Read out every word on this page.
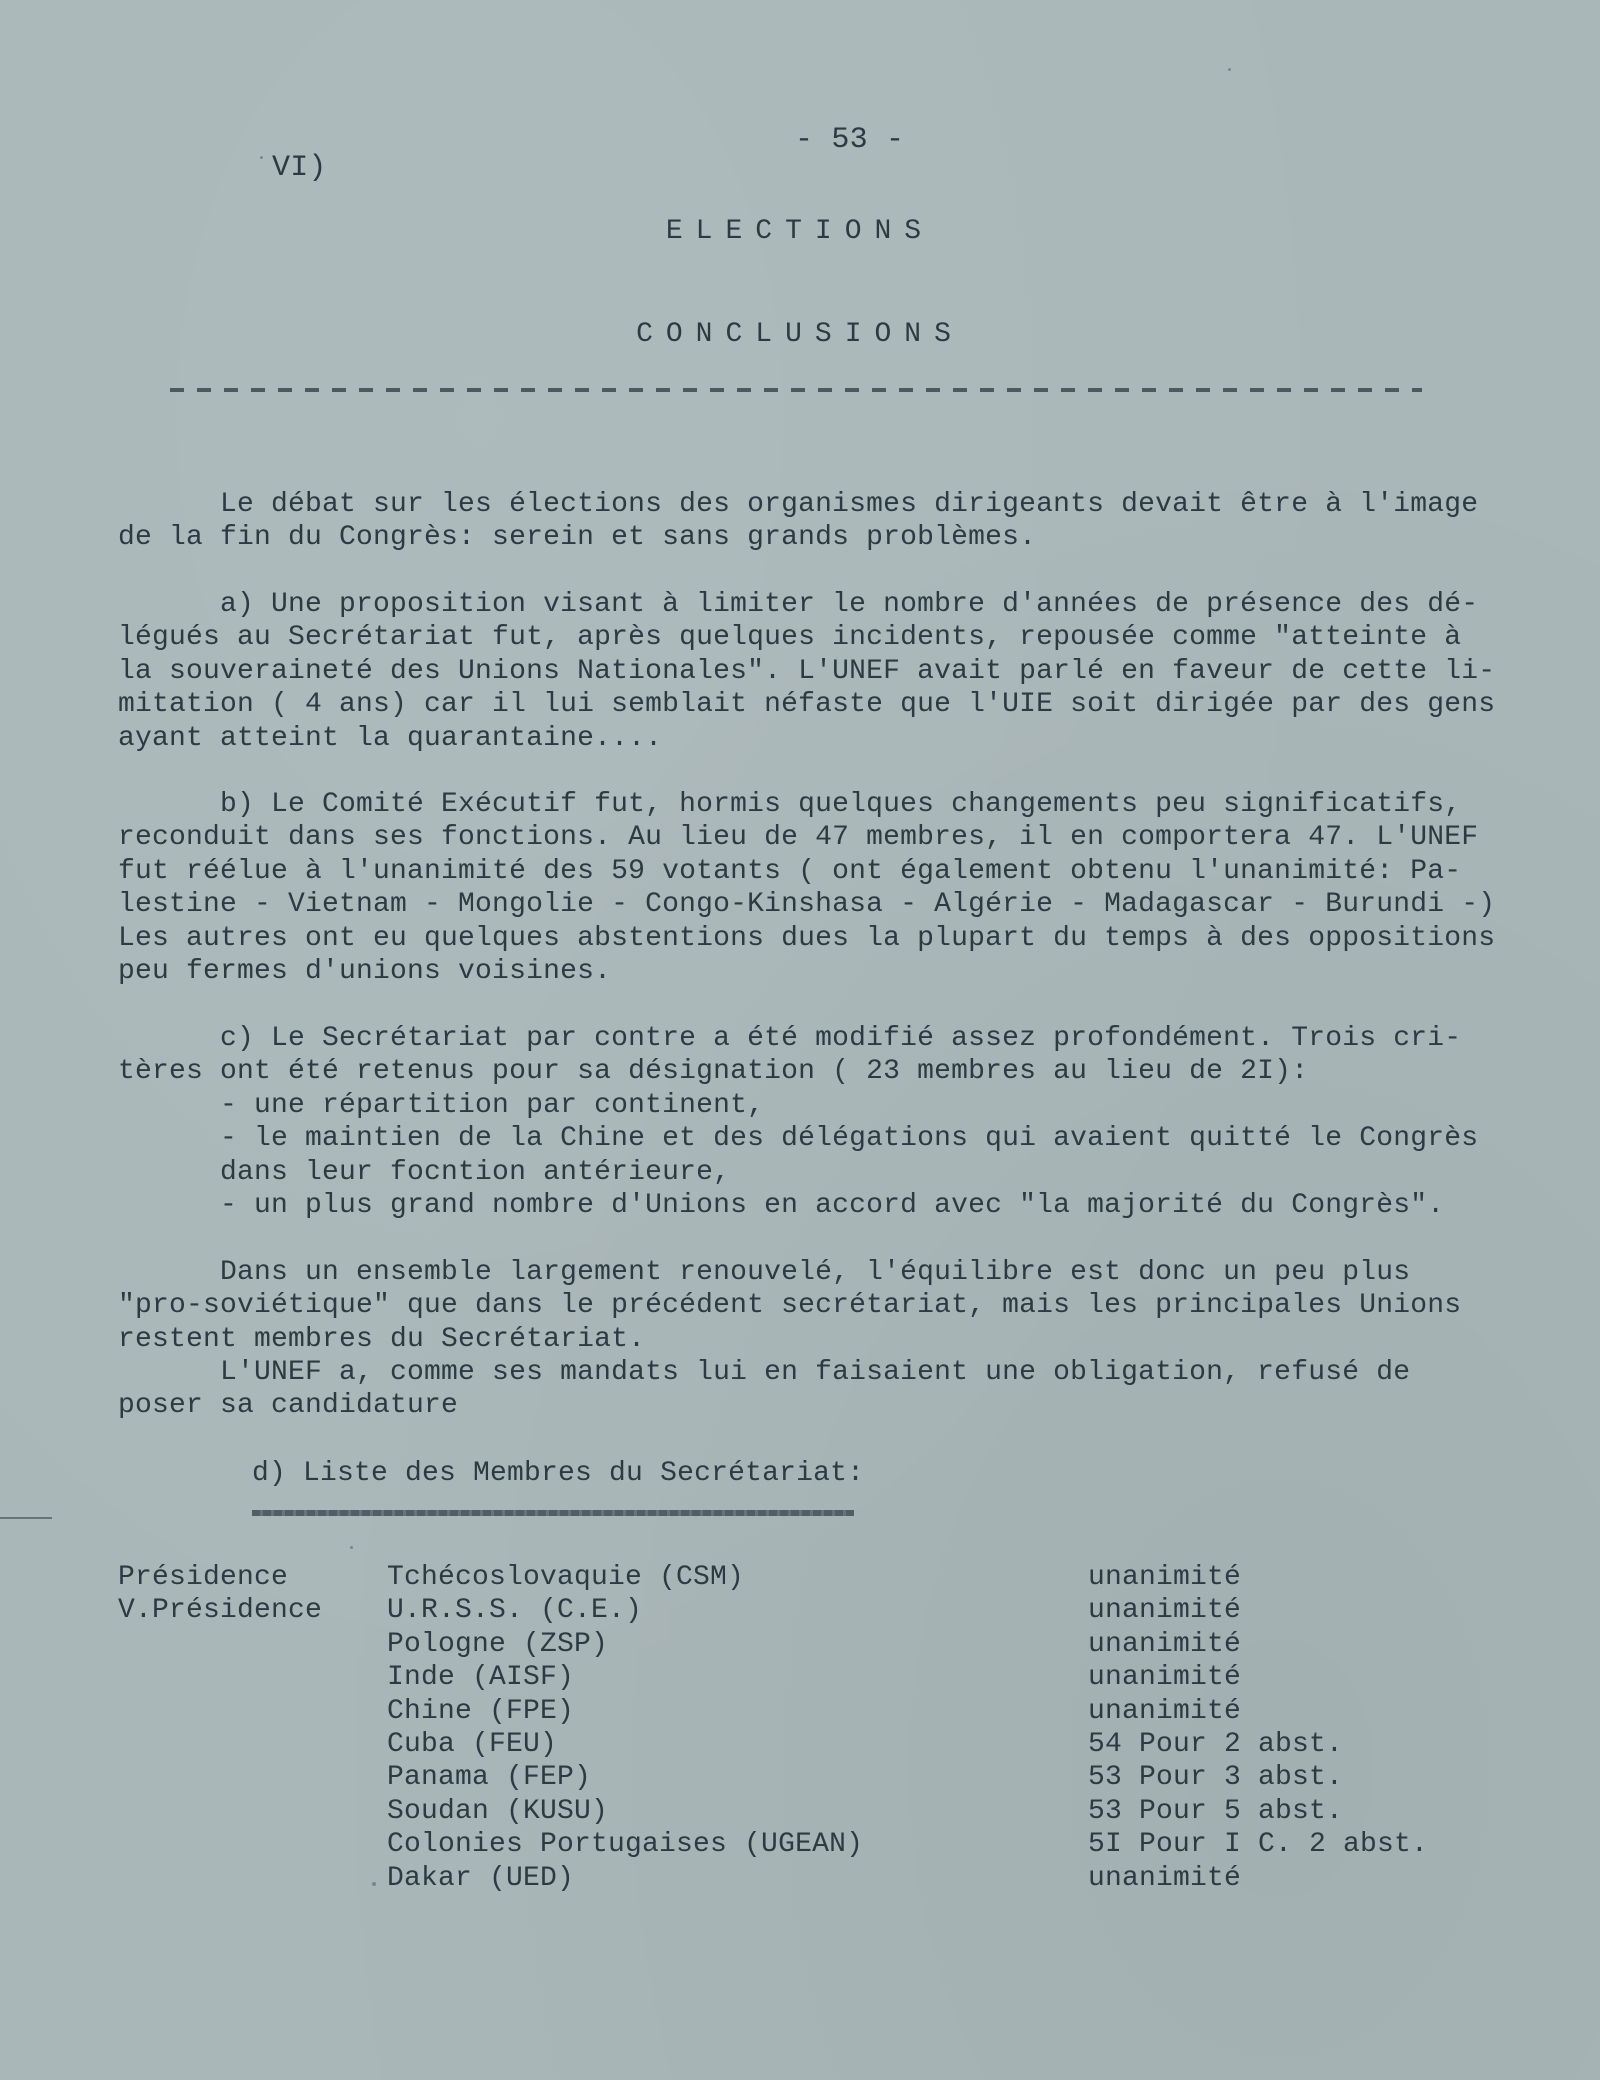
VI)
- 53 -
ELECTIONS
CONCLUSIONS
Le débat sur les élections des organismes dirigeants devait être à l'image
de la fin du Congrès: serein et sans grands problèmes.
a) Une proposition visant à limiter le nombre d'années de présence des dé-
légués au Secrétariat fut, après quelques incidents, repousée comme "atteinte à
la souveraineté des Unions Nationales". L'UNEF avait parlé en faveur de cette li-
mitation ( 4 ans) car il lui semblait néfaste que l'UIE soit dirigée par des gens
ayant atteint la quarantaine....
b) Le Comité Exécutif fut, hormis quelques changements peu significatifs,
reconduit dans ses fonctions. Au lieu de 47 membres, il en comportera 47. L'UNEF
fut réélue à l'unanimité des 59 votants ( ont également obtenu l'unanimité: Pa-
lestine - Vietnam - Mongolie - Congo-Kinshasa - Algérie - Madagascar - Burundi -)
Les autres ont eu quelques abstentions dues la plupart du temps à des oppositions
peu fermes d'unions voisines.
c) Le Secrétariat par contre a été modifié assez profondément. Trois cri-
tères ont été retenus pour sa désignation ( 23 membres au lieu de 2I):
- une répartition par continent,
- le maintien de la Chine et des délégations qui avaient quitté le Congrès
dans leur focntion antérieure,
- un plus grand nombre d'Unions en accord avec "la majorité du Congrès".
Dans un ensemble largement renouvelé, l'équilibre est donc un peu plus
"pro-soviétique" que dans le précédent secrétariat, mais les principales Unions
restent membres du Secrétariat.
L'UNEF a, comme ses mandats lui en faisaient une obligation, refusé de
poser sa candidature
d) Liste des Membres du Secrétariat:
Présidence	Tchécoslovaquie (CSM)	unanimité
V.Présidence U.R.S.S. (C.E.)	unanimité
Pologne (ZSP)	unanimité
Inde (AISF)	unanimité
Chine (FPE)	unanimité
Cuba (FEU)	54 Pour 2 abst.
Panama (FEP)	53 Pour 3 abst.
Soudan (KUSU)	53 Pour 5 abst.
Colonies Portugaises (UGEAN)	5I Pour I C. 2 abst.
Dakar (UED)	unanimité
